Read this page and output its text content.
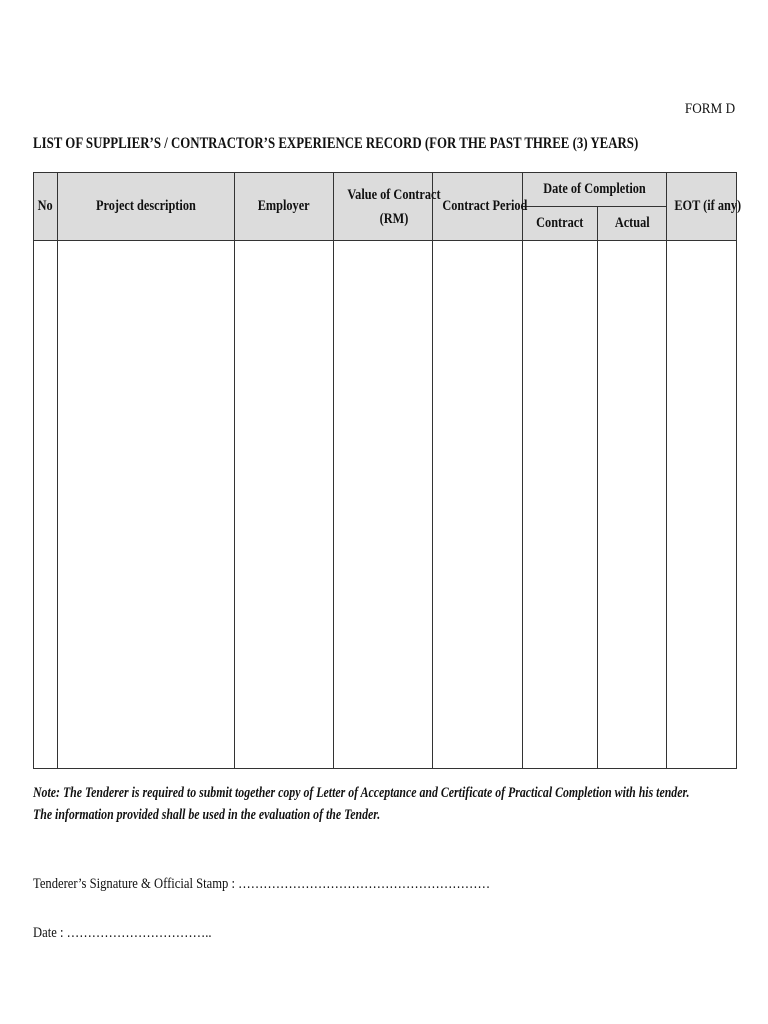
FORM D
LIST OF SUPPLIER’S / CONTRACTOR’S EXPERIENCE RECORD (FOR THE PAST THREE (3) YEARS)
No	Project description	Employer	Value of Contract (RM)	Contract Period	Date of Completion		EOT (if any)
					Contract	Actual	

Note: The Tenderer is required to submit together copy of Letter of Acceptance and Certificate of Practical Completion with his tender.
The information provided shall be used in the evaluation of the Tender.
Tenderer’s Signature & Official Stamp : ……………………………………………………
Date : ……………………………..
